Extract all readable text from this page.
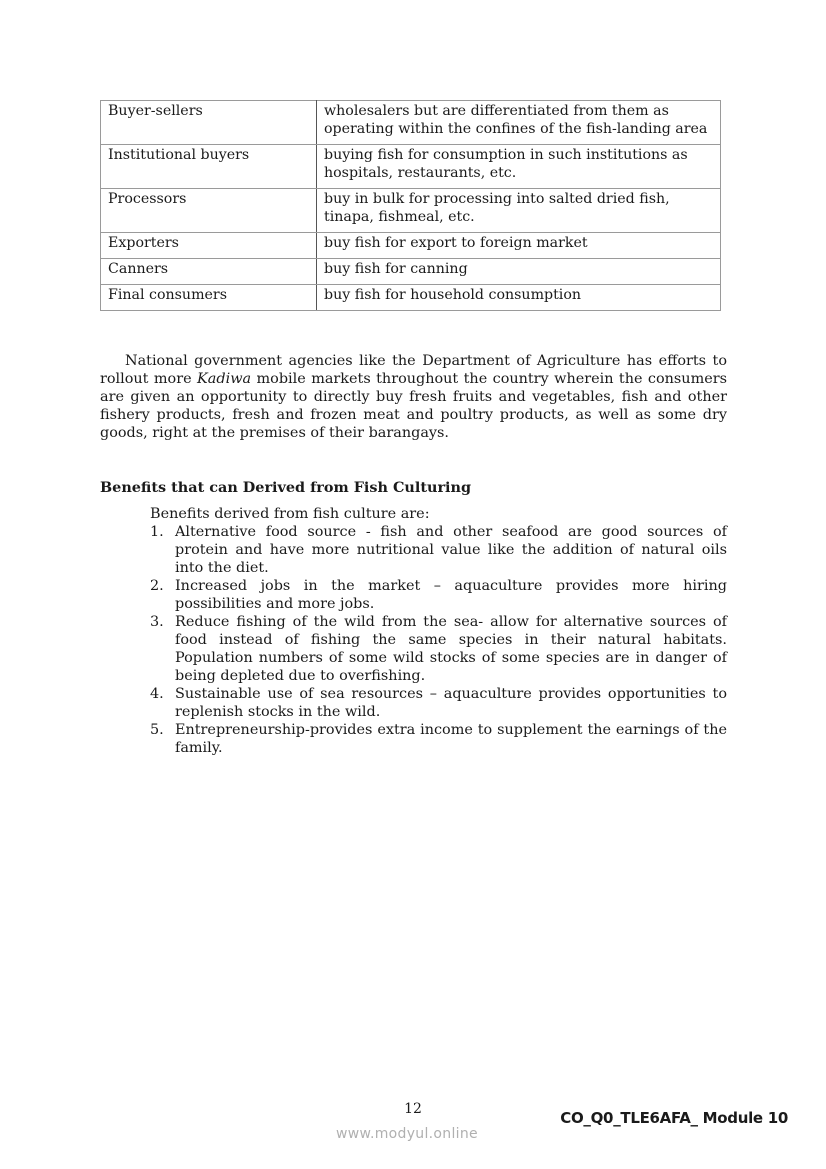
Buyer-sellers	wholesalers but are differentiated from them as operating within the confines of the fish-landing area
Institutional buyers	buying fish for consumption in such institutions as hospitals, restaurants, etc.
Processors	buy in bulk for processing into salted dried fish, tinapa, fishmeal, etc.
Exporters	buy fish for export to foreign market
Canners	buy fish for canning
Final consumers	buy fish for household consumption

National government agencies like the Department of Agriculture has efforts to rollout more Kadiwa mobile markets throughout the country wherein the consumers are given an opportunity to directly buy fresh fruits and vegetables, fish and other fishery products, fresh and frozen meat and poultry products, as well as some dry goods, right at the premises of their barangays.

Benefits that can Derived from Fish Culturing
Benefits derived from fish culture are:
1. Alternative food source - fish and other seafood are good sources of protein and have more nutritional value like the addition of natural oils into the diet.
2. Increased jobs in the market – aquaculture provides more hiring possibilities and more jobs.
3. Reduce fishing of the wild from the sea- allow for alternative sources of food instead of fishing the same species in their natural habitats. Population numbers of some wild stocks of some species are in danger of being depleted due to overfishing.
4. Sustainable use of sea resources – aquaculture provides opportunities to replenish stocks in the wild.
5. Entrepreneurship-provides extra income to supplement the earnings of the family.
12	CO_Q0_TLE6AFA_ Module 10
www.modyul.online
